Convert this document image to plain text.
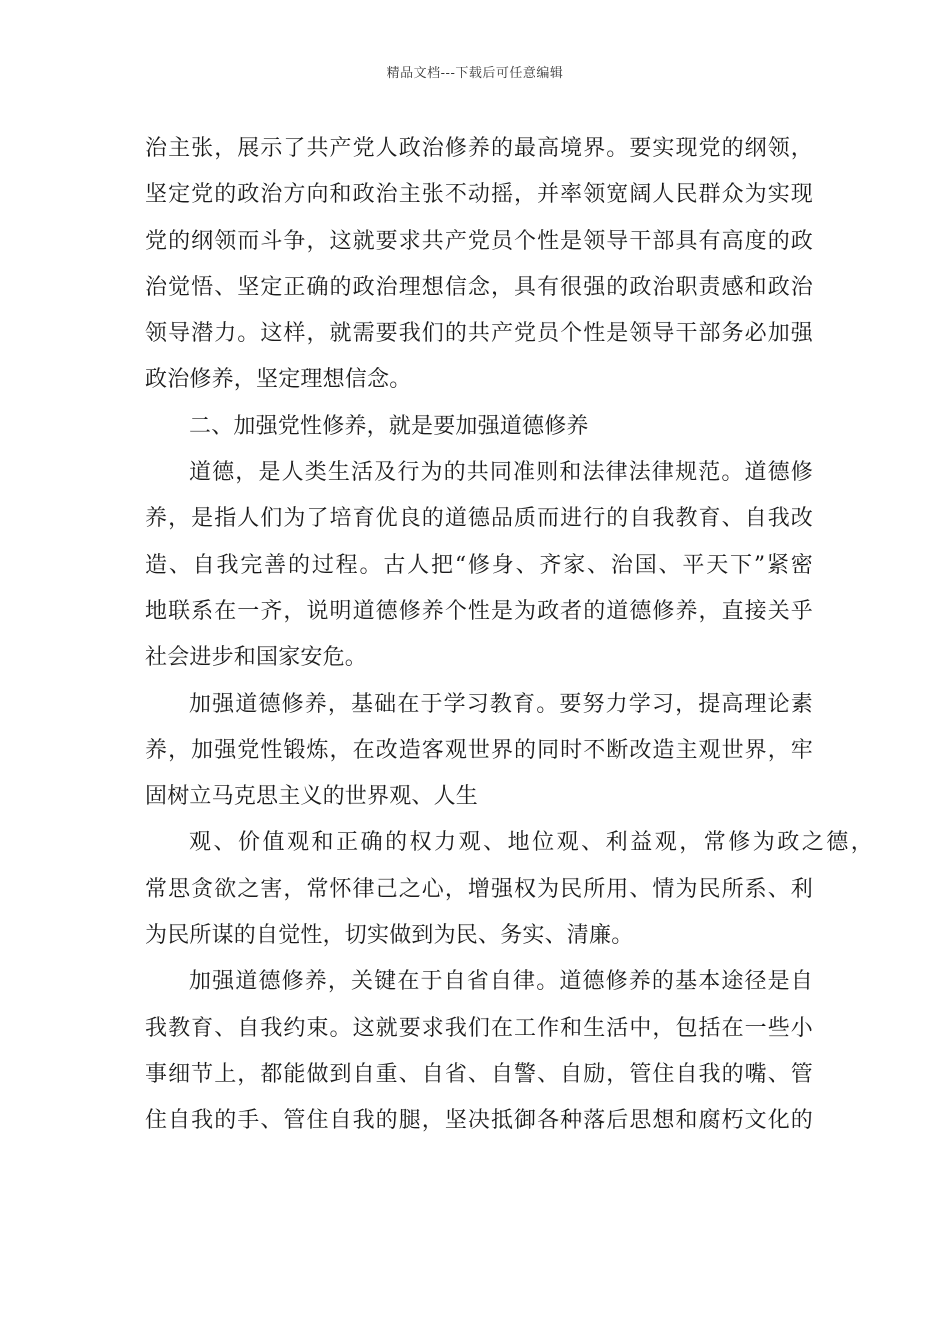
精品文档---下载后可任意编辑
治主张，展示了共产党人政治修养的最高境界。要实现党的纲领，
坚定党的政治方向和政治主张不动摇，并率领宽阔人民群众为实现
党的纲领而斗争，这就要求共产党员个性是领导干部具有高度的政
治觉悟、坚定正确的政治理想信念，具有很强的政治职责感和政治
领导潜力。这样，就需要我们的共产党员个性是领导干部务必加强
政治修养，坚定理想信念。
二、加强党性修养，就是要加强道德修养
道德，是人类生活及行为的共同准则和法律法律规范。道德修
养，是指人们为了培育优良的道德品质而进行的自我教育、自我改
造、自我完善的过程。古人把“修身、齐家、治国、平天下”紧密
地联系在一齐，说明道德修养个性是为政者的道德修养，直接关乎
社会进步和国家安危。
加强道德修养，基础在于学习教育。要努力学习，提高理论素
养，加强党性锻炼，在改造客观世界的同时不断改造主观世界，牢
固树立马克思主义的世界观、人生
观、价值观和正确的权力观、地位观、利益观，常修为政之德，
常思贪欲之害，常怀律己之心，增强权为民所用、情为民所系、利
为民所谋的自觉性，切实做到为民、务实、清廉。
加强道德修养，关键在于自省自律。道德修养的基本途径是自
我教育、自我约束。这就要求我们在工作和生活中，包括在一些小
事细节上，都能做到自重、自省、自警、自励，管住自我的嘴、管
住自我的手、管住自我的腿，坚决抵御各种落后思想和腐朽文化的
